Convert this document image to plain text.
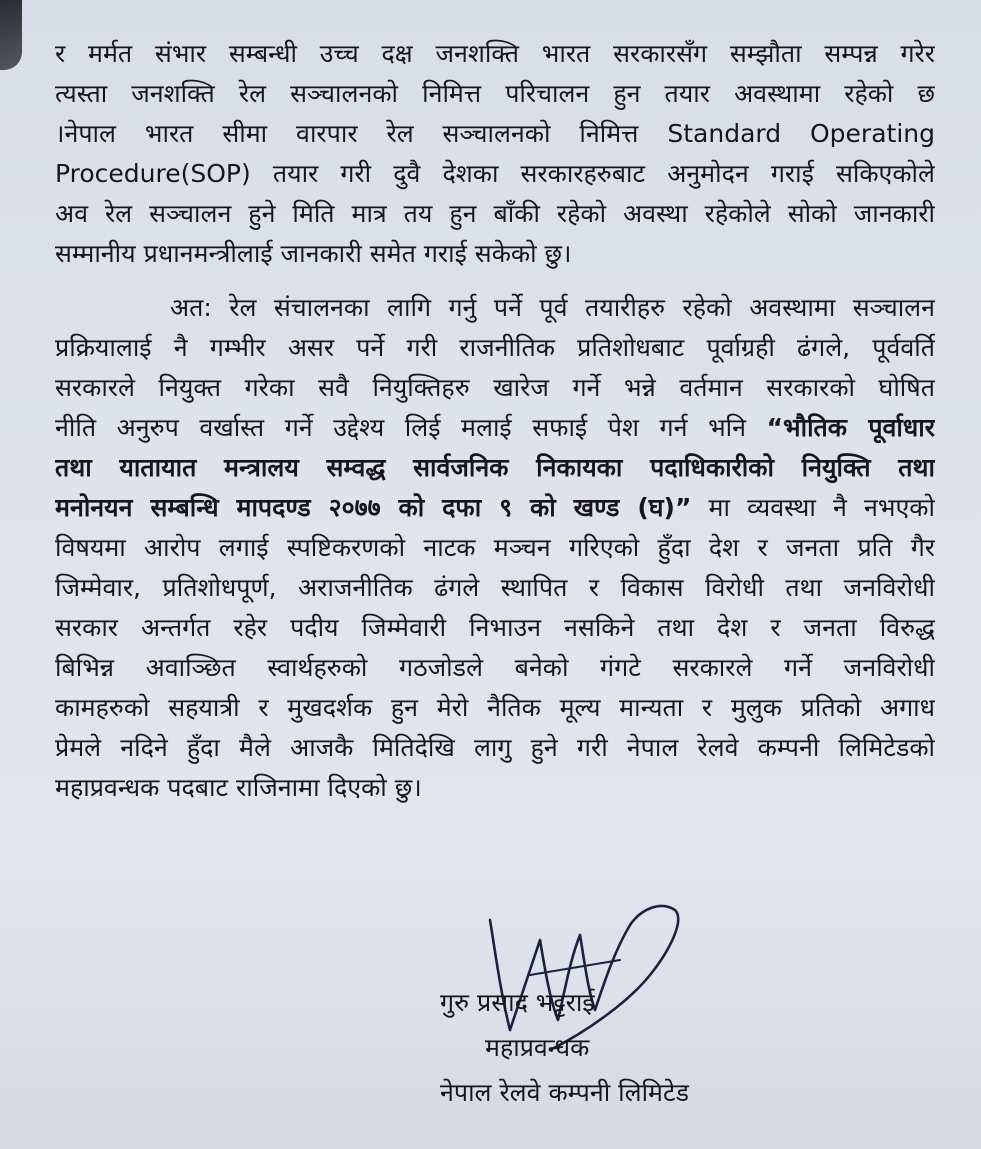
र मर्मत संभार सम्बन्धी उच्च दक्ष जनशक्ति भारत सरकारसँग सम्झौता सम्पन्न गरेर
त्यस्ता जनशक्ति रेल सञ्चालनको निमित्त परिचालन हुन तयार अवस्थामा रहेको छ
।नेपाल भारत सीमा वारपार रेल सञ्चालनको निमित्त Standard Operating
Procedure(SOP) तयार गरी दुवै देशका सरकारहरुबाट अनुमोदन गराई सकिएकोले
अव रेल सञ्चालन हुने मिति मात्र तय हुन बाँकी रहेको अवस्था रहेकोले सोको जानकारी
सम्मानीय प्रधानमन्त्रीलाई जानकारी समेत गराई सकेको छु।
अत: रेल संचालनका लागि गर्नु पर्ने पूर्व तयारीहरु रहेको अवस्थामा सञ्चालन
प्रक्रियालाई नै गम्भीर असर पर्ने गरी राजनीतिक प्रतिशोधबाट पूर्वाग्रही ढंगले, पूर्ववर्ति
सरकारले नियुक्त गरेका सवै नियुक्तिहरु खारेज गर्ने भन्ने वर्तमान सरकारको घोषित
नीति अनुरुप वर्खास्त गर्ने उद्देश्य लिई मलाई सफाई पेश गर्न भनि “भौतिक पूर्वाधार
तथा यातायात मन्त्रालय सम्वद्ध सार्वजनिक निकायका पदाधिकारीको नियुक्ति तथा
मनोनयन सम्बन्धि मापदण्ड २०७७ को दफा ९ को खण्ड (घ)” मा व्यवस्था नै नभएको
विषयमा आरोप लगाई स्पष्टिकरणको नाटक मञ्चन गरिएको हुँदा देश र जनता प्रति गैर
जिम्मेवार, प्रतिशोधपूर्ण, अराजनीतिक ढंगले स्थापित र विकास विरोधी तथा जनविरोधी
सरकार अन्तर्गत रहेर पदीय जिम्मेवारी निभाउन नसकिने तथा देश र जनता विरुद्ध
बिभिन्न अवाञ्छित स्वार्थहरुको गठजोडले बनेको गंगटे सरकारले गर्ने जनविरोधी
कामहरुको सहयात्री र मुखदर्शक हुन मेरो नैतिक मूल्य मान्यता र मुलुक प्रतिको अगाध
प्रेमले नदिने हुँदा मैले आजकै मितिदेखि लागु हुने गरी नेपाल रेलवे कम्पनी लिमिटेडको
महाप्रवन्धक पदबाट राजिनामा दिएको छु।
गुरु प्रसाद भट्टराई
महाप्रवन्धक
नेपाल रेलवे कम्पनी लिमिटेड
